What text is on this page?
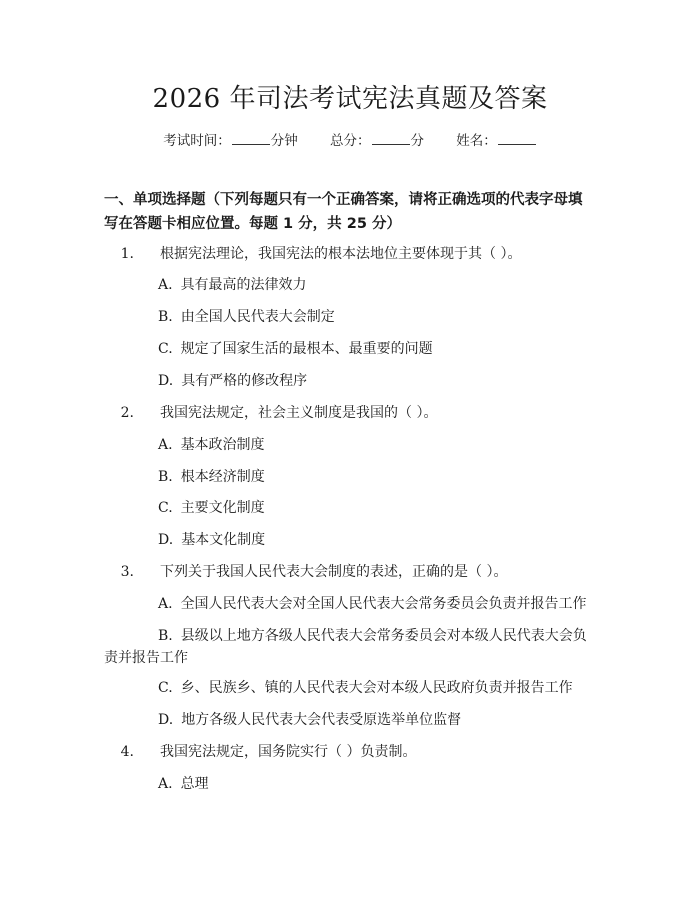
2026 年司法考试宪法真题及答案
考试时间：	分钟 总分：	分 姓名：
一、单项选择题（下列每题只有一个正确答案，请将正确选项的代表字母填写在答题卡相应位置。每题 1 分，共 25 分）
1. 根据宪法理论，我国宪法的根本法地位主要体现于其（ ）。
A. 具有最高的法律效力
B. 由全国人民代表大会制定
C. 规定了国家生活的最根本、最重要的问题
D. 具有严格的修改程序
2. 我国宪法规定，社会主义制度是我国的（ ）。
A. 基本政治制度
B. 根本经济制度
C. 主要文化制度
D. 基本文化制度
3. 下列关于我国人民代表大会制度的表述，正确的是（ ）。
A. 全国人民代表大会对全国人民代表大会常务委员会负责并报告工作
B. 县级以上地方各级人民代表大会常务委员会对本级人民代表大会负责并报告工作
C. 乡、民族乡、镇的人民代表大会对本级人民政府负责并报告工作
D. 地方各级人民代表大会代表受原选举单位监督
4. 我国宪法规定，国务院实行（ ）负责制。
A. 总理
